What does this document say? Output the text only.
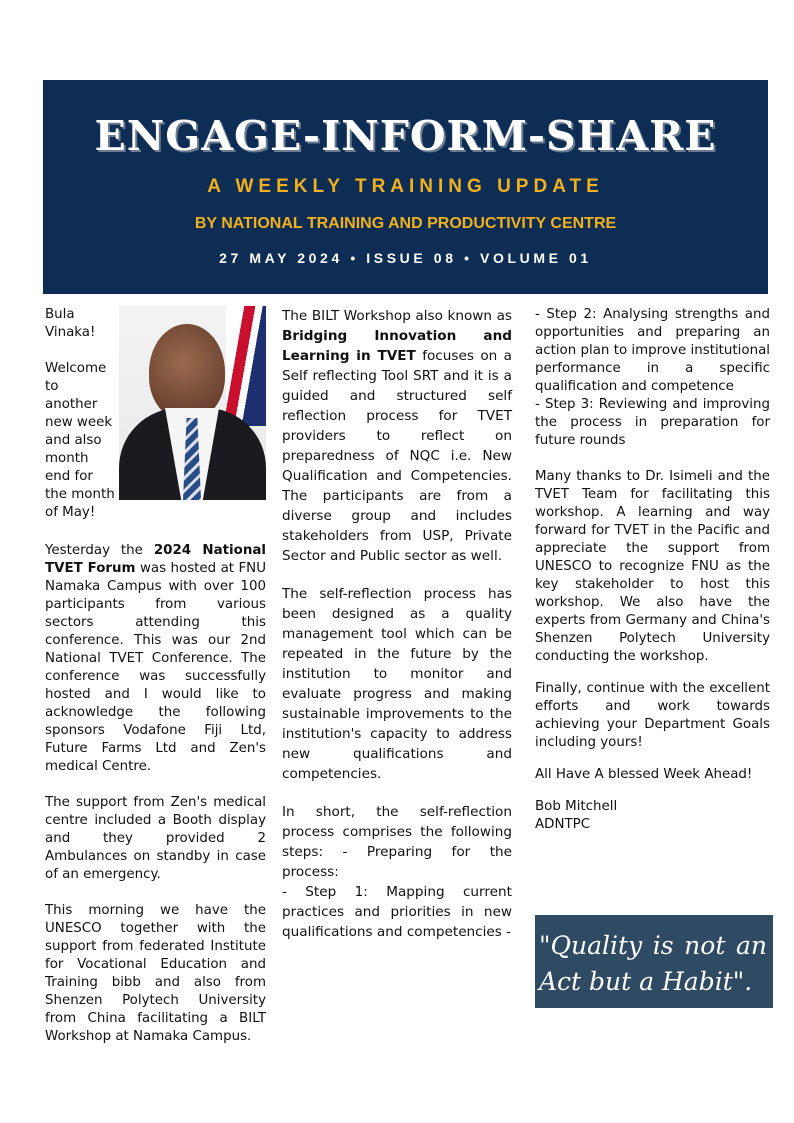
ENGAGE-INFORM-SHARE
A WEEKLY TRAINING UPDATE
BY NATIONAL TRAINING AND PRODUCTIVITY CENTRE
27 MAY 2024 • ISSUE 08 • VOLUME 01

Bula Vinaka!

Welcome to another new week and also month end for the month of May!

Yesterday the 2024 National TVET Forum was hosted at FNU Namaka Campus with over 100 participants from various sectors attending this conference. This was our 2nd National TVET Conference. The conference was successfully hosted and I would like to acknowledge the following sponsors Vodafone Fiji Ltd, Future Farms Ltd and Zen's medical Centre.

The support from Zen's medical centre included a Booth display and they provided 2 Ambulances on standby in case of an emergency.

This morning we have the UNESCO together with the support from federated Institute for Vocational Education and Training bibb and also from Shenzen Polytech University from China facilitating a BILT Workshop at Namaka Campus.

The BILT Workshop also known as Bridging Innovation and Learning in TVET focuses on a Self reflecting Tool SRT and it is a guided and structured self reflection process for TVET providers to reflect on preparedness of NQC i.e. New Qualification and Competencies. The participants are from a diverse group and includes stakeholders from USP, Private Sector and Public sector as well.

The self-reflection process has been designed as a quality management tool which can be repeated in the future by the institution to monitor and evaluate progress and making sustainable improvements to the institution's capacity to address new qualifications and competencies.

In short, the self-reflection process comprises the following steps: - Preparing for the process:

- Step 1: Mapping current practices and priorities in new qualifications and competencies -

- Step 2: Analysing strengths and opportunities and preparing an action plan to improve institutional performance in a specific qualification and competence

- Step 3: Reviewing and improving the process in preparation for future rounds

Many thanks to Dr. Isimeli and the TVET Team for facilitating this workshop. A learning and way forward for TVET in the Pacific and appreciate the support from UNESCO to recognize FNU as the key stakeholder to host this workshop. We also have the experts from Germany and China's Shenzen Polytech University conducting the workshop.

Finally, continue with the excellent efforts and work towards achieving your Department Goals including yours!

All Have A blessed Week Ahead!

Bob Mitchell
ADNTPC
"Quality is not an Act but a Habit".
